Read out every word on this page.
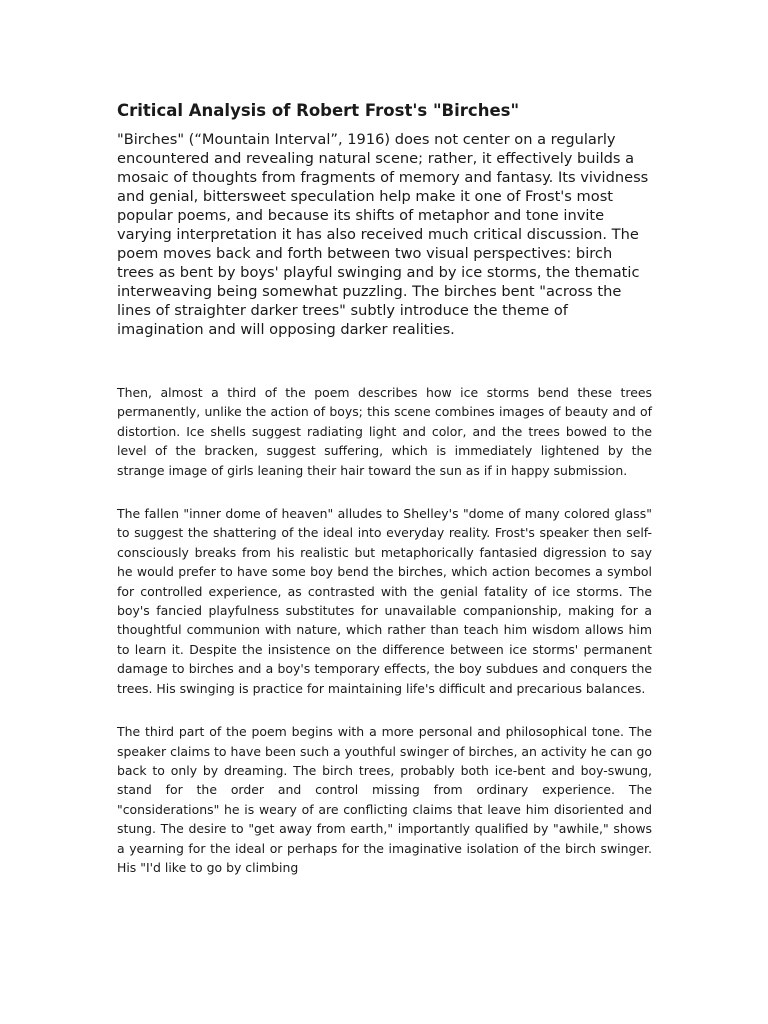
Critical Analysis of Robert Frost's "Birches"

"Birches" (“Mountain Interval”, 1916) does not center on a regularly encountered and revealing natural scene; rather, it effectively builds a mosaic of thoughts from fragments of memory and fantasy. Its vividness and genial, bittersweet speculation help make it one of Frost's most popular poems, and because its shifts of metaphor and tone invite varying interpretation it has also received much critical discussion. The poem moves back and forth between two visual perspectives: birch trees as bent by boys' playful swinging and by ice storms, the thematic interweaving being somewhat puzzling. The birches bent "across the lines of straighter darker trees" subtly introduce the theme of imagination and will opposing darker realities.

Then, almost a third of the poem describes how ice storms bend these trees permanently, unlike the action of boys; this scene combines images of beauty and of distortion. Ice shells suggest radiating light and color, and the trees bowed to the level of the bracken, suggest suffering, which is immediately lightened by the strange image of girls leaning their hair toward the sun as if in happy submission.

The fallen "inner dome of heaven" alludes to Shelley's "dome of many colored glass" to suggest the shattering of the ideal into everyday reality. Frost's speaker then self-consciously breaks from his realistic but metaphorically fantasied digression to say he would prefer to have some boy bend the birches, which action becomes a symbol for controlled experience, as contrasted with the genial fatality of ice storms. The boy's fancied playfulness substitutes for unavailable companionship, making for a thoughtful communion with nature, which rather than teach him wisdom allows him to learn it. Despite the insistence on the difference between ice storms' permanent damage to birches and a boy's temporary effects, the boy subdues and conquers the trees. His swinging is practice for maintaining life's difficult and precarious balances.

The third part of the poem begins with a more personal and philosophical tone. The speaker claims to have been such a youthful swinger of birches, an activity he can go back to only by dreaming. The birch trees, probably both ice-bent and boy-swung, stand for the order and control missing from ordinary experience. The "considerations" he is weary of are conflicting claims that leave him disoriented and stung. The desire to "get away from earth," importantly qualified by "awhile," shows a yearning for the ideal or perhaps for the imaginative isolation of the birch swinger. His "I'd like to go by climbing
